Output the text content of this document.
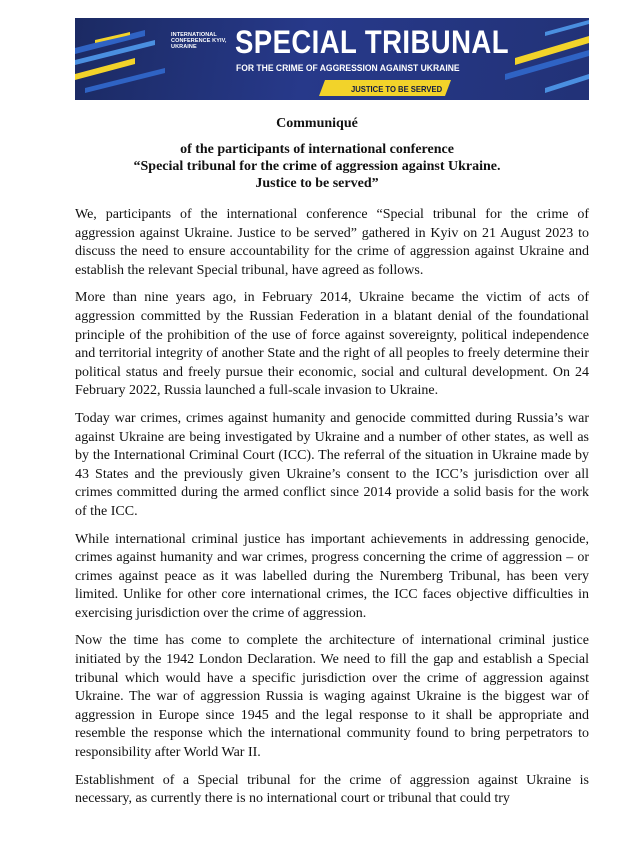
INTERNATIONAL CONFERENCE KYIV, UKRAINE	SPECIAL TRIBUNAL
FOR THE CRIME OF AGGRESSION AGAINST UKRAINE
JUSTICE TO BE SERVED
Communiqué
of the participants of international conference
“Special tribunal for the crime of aggression against Ukraine.
Justice to be served”

We, participants of the international conference “Special tribunal for the crime of aggression against Ukraine. Justice to be served” gathered in Kyiv on 21 August 2023 to discuss the need to ensure accountability for the crime of aggression against Ukraine and establish the relevant Special tribunal, have agreed as follows.

More than nine years ago, in February 2014, Ukraine became the victim of acts of aggression committed by the Russian Federation in a blatant denial of the foundational principle of the prohibition of the use of force against sovereignty, political independence and territorial integrity of another State and the right of all peoples to freely determine their political status and freely pursue their economic, social and cultural development. On 24 February 2022, Russia launched a full-scale invasion to Ukraine.

Today war crimes, crimes against humanity and genocide committed during Russia’s war against Ukraine are being investigated by Ukraine and a number of other states, as well as by the International Criminal Court (ICC). The referral of the situation in Ukraine made by 43 States and the previously given Ukraine’s consent to the ICC’s jurisdiction over all crimes committed during the armed conflict since 2014 provide a solid basis for the work of the ICC.

While international criminal justice has important achievements in addressing genocide, crimes against humanity and war crimes, progress concerning the crime of aggression – or crimes against peace as it was labelled during the Nuremberg Tribunal, has been very limited. Unlike for other core international crimes, the ICC faces objective difficulties in exercising jurisdiction over the crime of aggression.

Now the time has come to complete the architecture of international criminal justice initiated by the 1942 London Declaration. We need to fill the gap and establish a Special tribunal which would have a specific jurisdiction over the crime of aggression against Ukraine. The war of aggression Russia is waging against Ukraine is the biggest war of aggression in Europe since 1945 and the legal response to it shall be appropriate and resemble the response which the international community found to bring perpetrators to responsibility after World War II.

Establishment of a Special tribunal for the crime of aggression against Ukraine is necessary, as currently there is no international court or tribunal that could try
